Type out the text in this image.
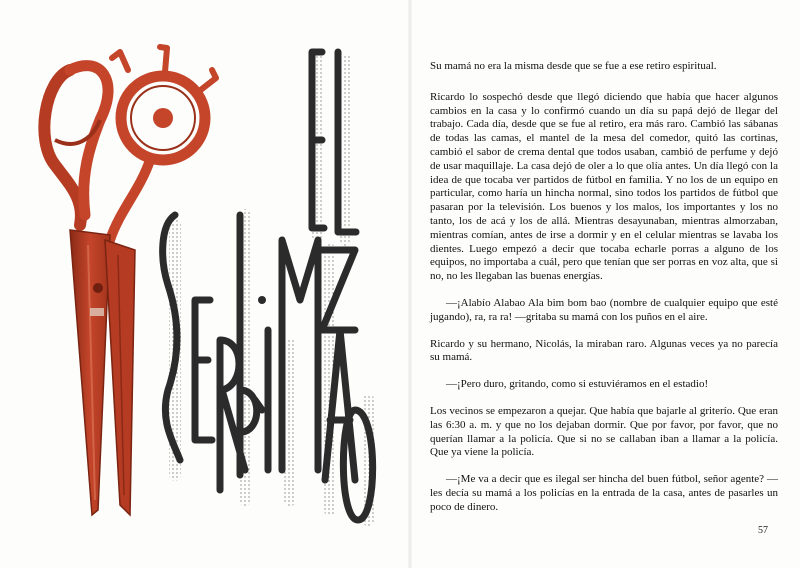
Su mamá no era la misma desde que se fue a ese retiro espiritual.

Ricardo lo sospechó desde que llegó diciendo que había que hacer algunos cambios en la casa y lo confirmó cuando un día su papá dejó de llegar del trabajo. Cada día, desde que se fue al retiro, era más raro. Cambió las sábanas de todas las camas, el mantel de la mesa del comedor, quitó las cortinas, cambió el sabor de crema dental que todos usaban, cambió de perfume y dejó de usar maquillaje. La casa dejó de oler a lo que olía antes. Un día llegó con la idea de que tocaba ver partidos de fútbol en familia. Y no los de un equipo en particular, como haría un hincha normal, sino todos los partidos de fútbol que pasaran por la televisión. Los buenos y los malos, los importantes y los no tanto, los de acá y los de allá. Mientras desayunaban, mientras almorzaban, mientras comían, antes de irse a dormir y en el celular mientras se lavaba los dientes. Luego empezó a decir que tocaba echarle porras a alguno de los equipos, no importaba a cuál, pero que tenían que ser porras en voz alta, que si no, no les llegaban las buenas energías.

—¡Alabío Alabao Ala bim bom bao (nombre de cualquier equipo que esté jugando), ra, ra ra! —gritaba su mamá con los puños en el aire.

Ricardo y su hermano, Nicolás, la miraban raro. Algunas veces ya no parecía su mamá.

—¡Pero duro, gritando, como si estuviéramos en el estadio!

Los vecinos se empezaron a quejar. Que había que bajarle al griterío. Que eran las 6:30 a. m. y que no los dejaban dormir. Que por favor, por favor, que no querían llamar a la policía. Que si no se callaban iban a llamar a la policía. Que ya viene la policía.

—¡Me va a decir que es ilegal ser hincha del buen fútbol, señor agente? —les decía su mamá a los policías en la entrada de la casa, antes de pasarles un poco de dinero.

57
